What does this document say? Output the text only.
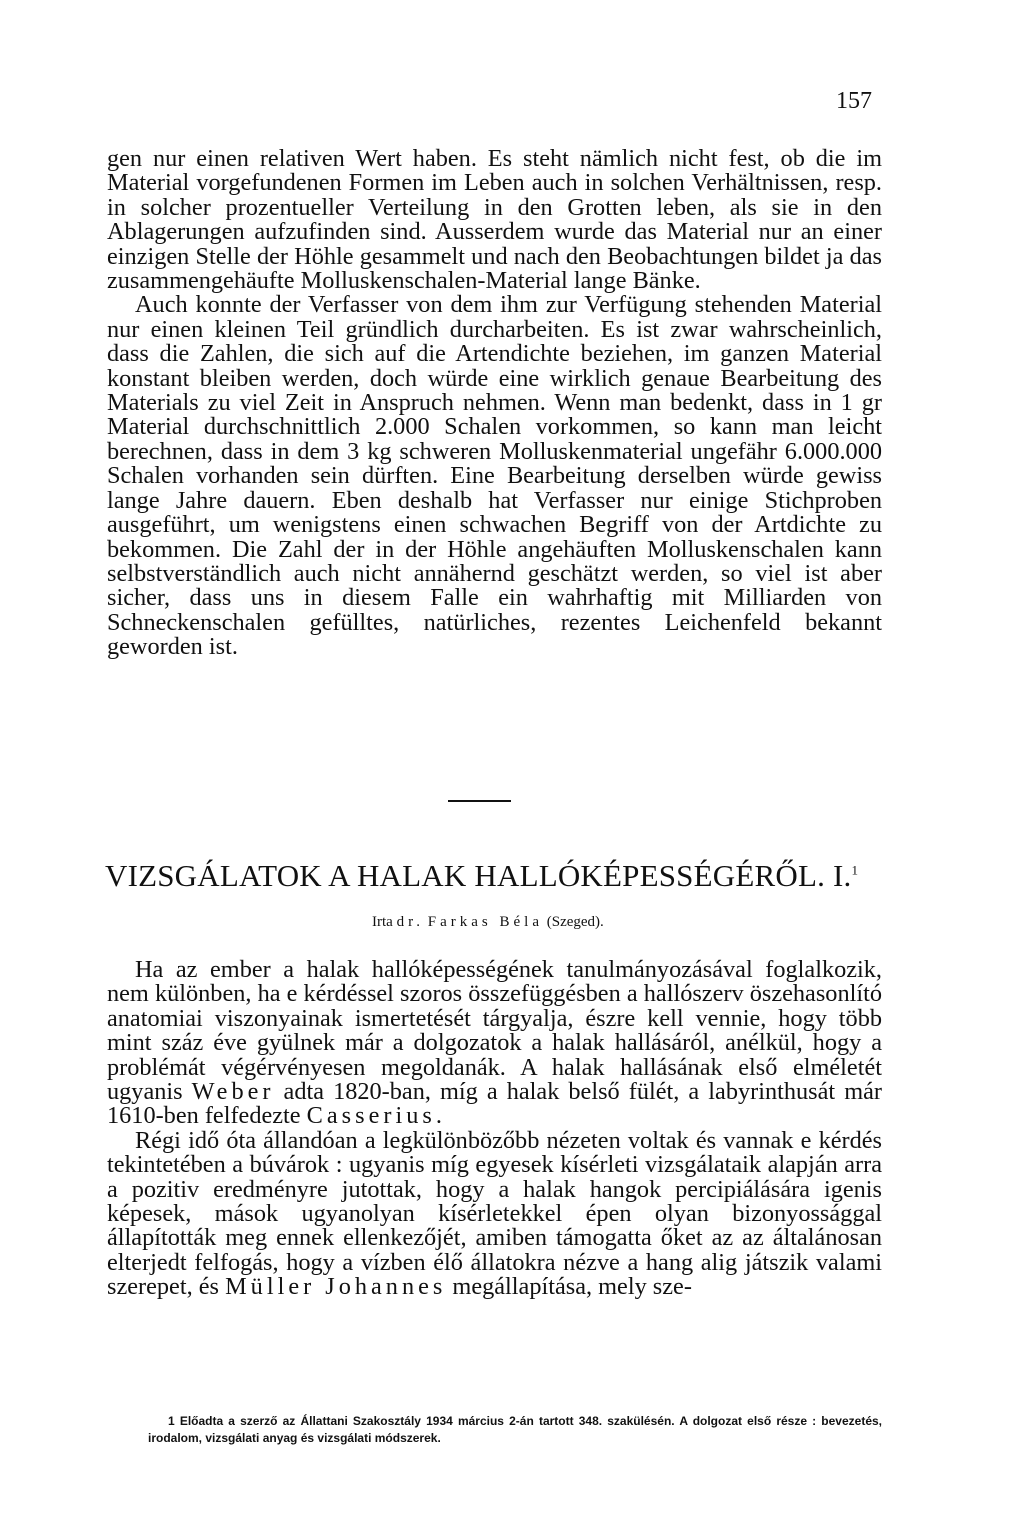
157

gen nur einen relativen Wert haben. Es steht nämlich nicht fest, ob die im Material vorgefundenen Formen im Leben auch in solchen Verhältnissen, resp. in solcher prozentueller Verteilung in den Grotten leben, als sie in den Ablagerungen aufzufinden sind. Ausserdem wurde das Material nur an einer einzigen Stelle der Höhle gesammelt und nach den Beobachtungen bildet ja das zusammengehäufte Molluskenschalen-Material lange Bänke.

Auch konnte der Verfasser von dem ihm zur Verfügung stehenden Material nur einen kleinen Teil gründlich durcharbeiten. Es ist zwar wahrscheinlich, dass die Zahlen, die sich auf die Artendichte beziehen, im ganzen Material konstant bleiben werden, doch würde eine wirklich genaue Bearbeitung des Materials zu viel Zeit in Anspruch nehmen. Wenn man bedenkt, dass in 1 gr Material durchschnittlich 2.000 Schalen vorkommen, so kann man leicht berechnen, dass in dem 3 kg schweren Molluskenmaterial ungefähr 6.000.000 Schalen vorhanden sein dürften. Eine Bearbeitung derselben würde gewiss lange Jahre dauern. Eben deshalb hat Verfasser nur einige Stichproben ausgeführt, um wenigstens einen schwachen Begriff von der Artdichte zu bekommen. Die Zahl der in der Höhle angehäuften Molluskenschalen kann selbstverständlich auch nicht annähernd geschätzt werden, so viel ist aber sicher, dass uns in diesem Falle ein wahrhaftig mit Milliarden von Schneckenschalen gefülltes, natürliches, rezentes Leichenfeld bekannt geworden ist.

VIZSGÁLATOK A HALAK HALLÓKÉPESSÉGÉRŐL. I.$^1$
Irta dr. Farkas Béla (Szeged).

Ha az ember a halak hallóképességének tanulmányozásával foglalkozik, nem különben, ha e kérdéssel szoros összefüggésben a hallószerv öszehasonlító anatomiai viszonyainak ismertetését tárgyalja, észre kell vennie, hogy több mint száz éve gyülnek már a dolgozatok a halak hallásáról, anélkül, hogy a problémát végérvényesen megoldanák. A halak hallásának első elméletét ugyanis Weber adta 1820-ban, míg a halak belső fülét, a labyrinthusát már 1610-ben felfedezte Casserius.

Régi idő óta állandóan a legkülönbözőbb nézeten voltak és vannak e kérdés tekintetében a búvárok : ugyanis míg egyesek kísérleti vizsgálataik alapján arra a pozitiv eredményre jutottak, hogy a halak hangok percipiálására igenis képesek, mások ugyanolyan kísérletekkel épen olyan bizonyossággal állapították meg ennek ellenkezőjét, amiben támogatta őket az az általánosan elterjedt felfogás, hogy a vízben élő állatokra nézve a hang alig játszik valami szerepet, és Müller Johannes megállapítása, mely sze-

1 Előadta a szerző az Állattani Szakosztály 1934 március 2-án tartott 348. szakülésén. A dolgozat első része : bevezetés, irodalom, vizsgálati anyag és vizsgálati módszerek.
